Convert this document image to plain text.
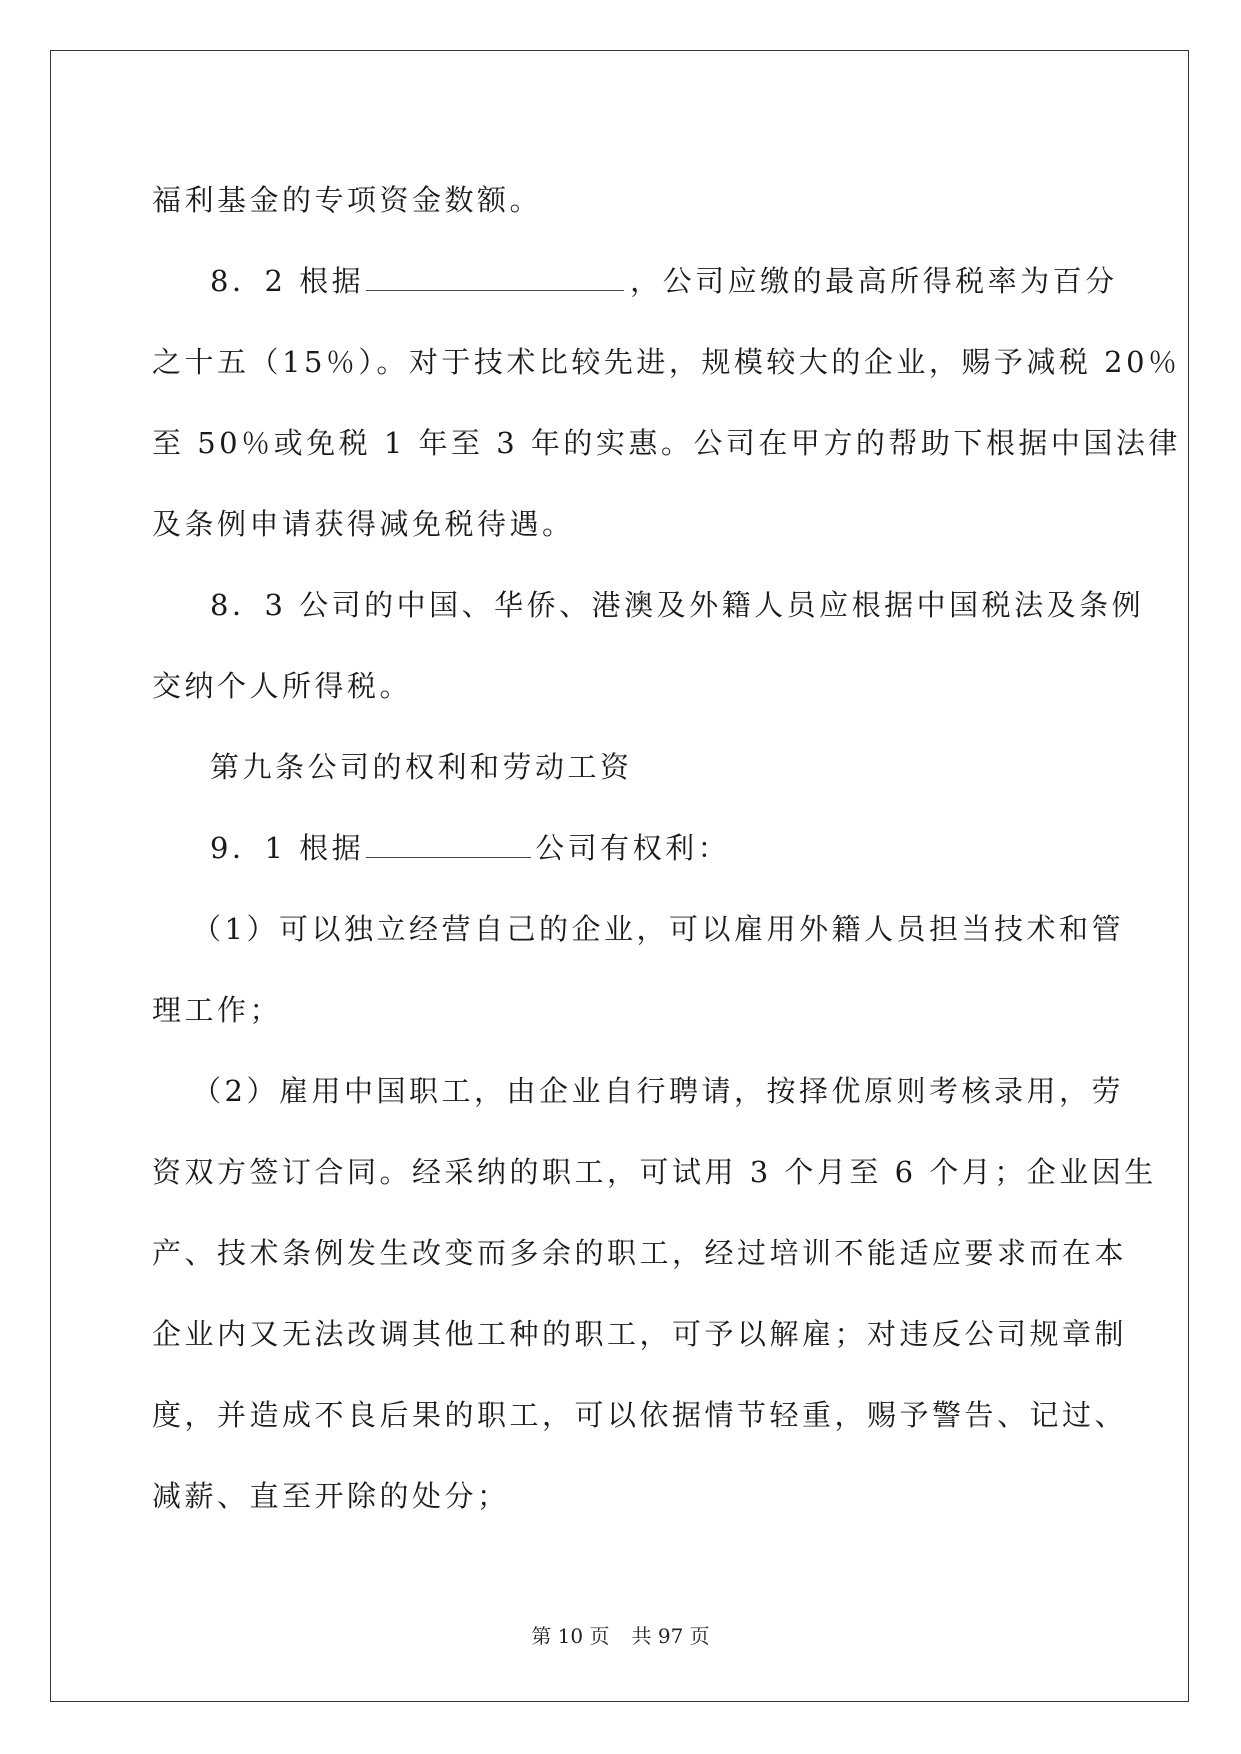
福利基金的专项资金数额。

8．2 根据	，公司应缴的最高所得税率为百分

之十五（15％）。对于技术比较先进，规模较大的企业，赐予减税 20％

至 50％或免税 1 年至 3 年的实惠。公司在甲方的帮助下根据中国法律

及条例申请获得减免税待遇。

8．3 公司的中国、华侨、港澳及外籍人员应根据中国税法及条例

交纳个人所得税。

第九条公司的权利和劳动工资

9．1 根据	公司有权利：

（1）可以独立经营自己的企业，可以雇用外籍人员担当技术和管

理工作；

（2）雇用中国职工，由企业自行聘请，按择优原则考核录用，劳

资双方签订合同。经采纳的职工，可试用 3 个月至 6 个月；企业因生

产、技术条例发生改变而多余的职工，经过培训不能适应要求而在本

企业内又无法改调其他工种的职工，可予以解雇；对违反公司规章制

度，并造成不良后果的职工，可以依据情节轻重，赐予警告、记过、

减薪、直至开除的处分；

第 10 页 共 97 页
